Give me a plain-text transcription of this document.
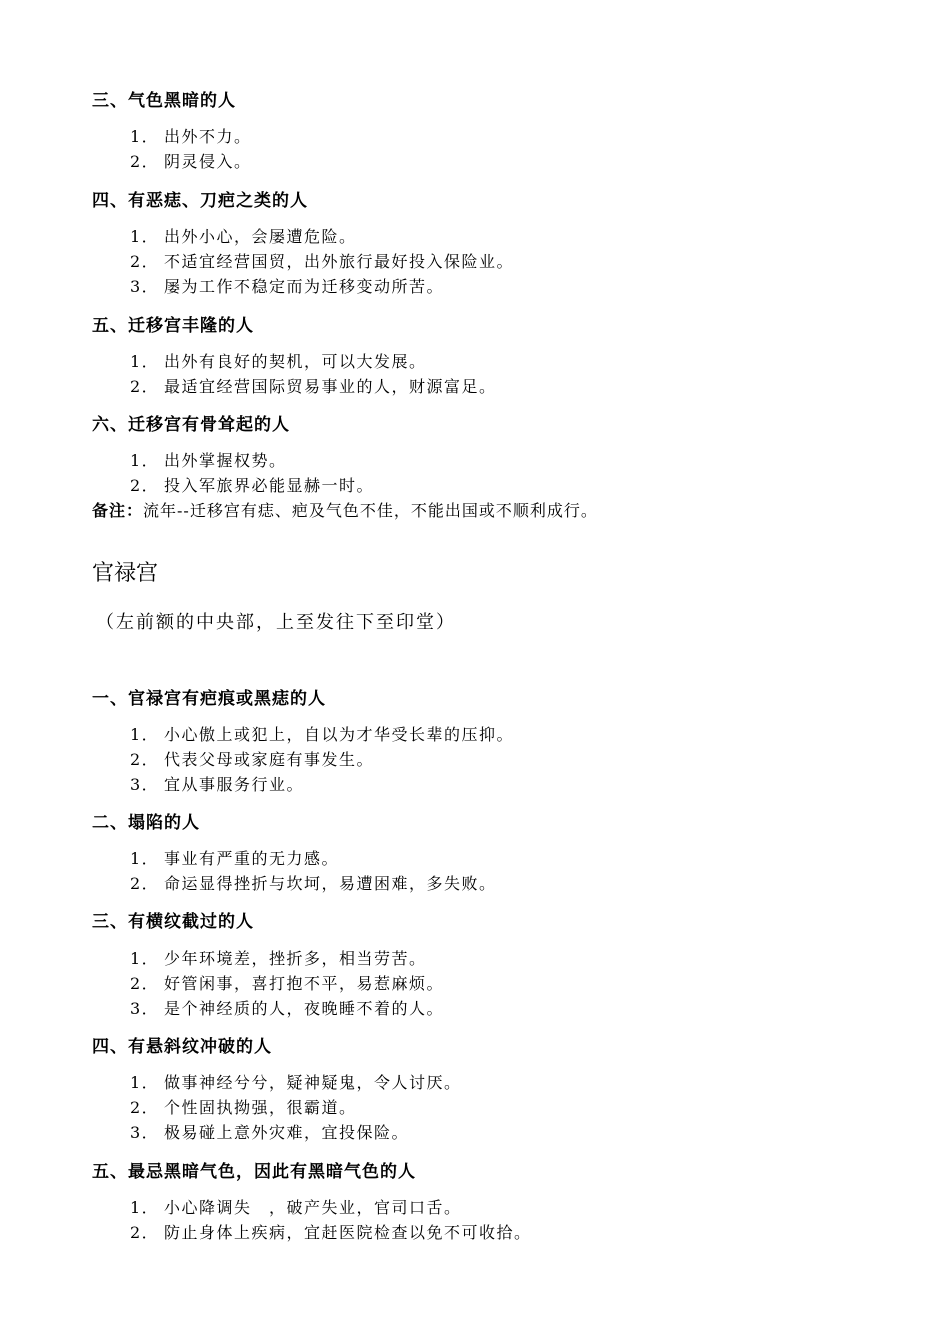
三、气色黑暗的人
1． 出外不力。
2． 阴灵侵入。
四、有恶痣、刀疤之类的人
1． 出外小心，会屡遭危险。
2． 不适宜经营国贸，出外旅行最好投入保险业。
3． 屡为工作不稳定而为迁移变动所苦。
五、迁移宫丰隆的人
1． 出外有良好的契机，可以大发展。
2． 最适宜经营国际贸易事业的人，财源富足。
六、迁移宫有骨耸起的人
1． 出外掌握权势。
2． 投入军旅界必能显赫一时。
备注：流年--迁移宫有痣、疤及气色不佳，不能出国或不顺利成行。
官禄宫
（左前额的中央部，上至发往下至印堂）
一、官禄宫有疤痕或黑痣的人
1． 小心傲上或犯上，自以为才华受长辈的压抑。
2． 代表父母或家庭有事发生。
3． 宜从事服务行业。
二、塌陷的人
1． 事业有严重的无力感。
2． 命运显得挫折与坎坷，易遭困难，多失败。
三、有横纹截过的人
1． 少年环境差，挫折多，相当劳苦。
2． 好管闲事，喜打抱不平，易惹麻烦。
3． 是个神经质的人，夜晚睡不着的人。
四、有悬斜纹冲破的人
1． 做事神经兮兮，疑神疑鬼，令人讨厌。
2． 个性固执拗强，很霸道。
3． 极易碰上意外灾难，宜投保险。
五、最忌黑暗气色，因此有黑暗气色的人
1． 小心降调失　，破产失业，官司口舌。
2． 防止身体上疾病，宜赶医院检查以免不可收拾。
